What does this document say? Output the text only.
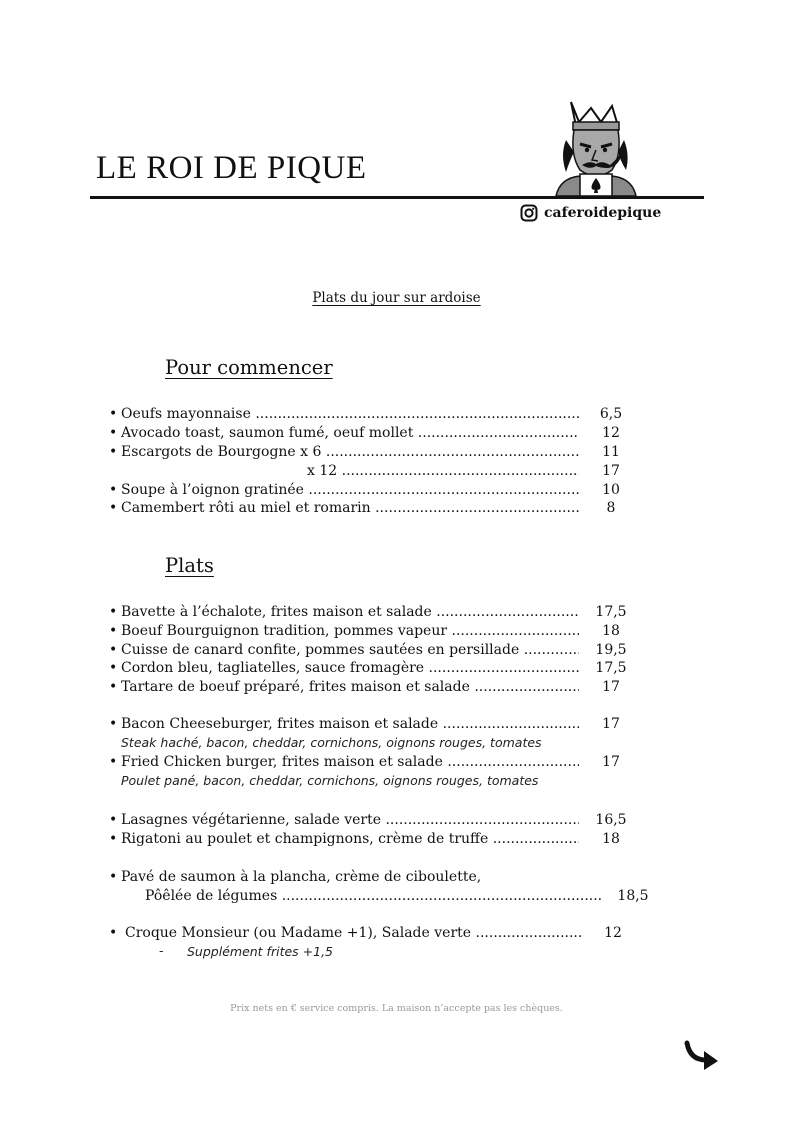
LE ROI DE PIQUE
caferoidepique
Plats du jour sur ardoise
Pour commencer
• Oeufs mayonnaise .....	6,5
• Avocado toast, saumon fumé, oeuf mollet .....	12
• Escargots de Bourgogne x 6 .....	11
x 12 .....	17
• Soupe à l’oignon gratinée .....	10
• Camembert rôti au miel et romarin .....	8
Plats
• Bavette à l’échalote, frites maison et salade .....	17,5
• Boeuf Bourguignon tradition, pommes vapeur .....	18
• Cuisse de canard confite, pommes sautées en persillade .....	19,5
• Cordon bleu, tagliatelles, sauce fromagère .....	17,5
• Tartare de boeuf préparé, frites maison et salade .....	17
• Bacon Cheeseburger, frites maison et salade .....	17
Steak haché, bacon, cheddar, cornichons, oignons rouges, tomates
• Fried Chicken burger, frites maison et salade .....	17
Poulet pané, bacon, cheddar, cornichons, oignons rouges, tomates
• Lasagnes végétarienne, salade verte .....	16,5
• Rigatoni au poulet et champignons, crème de truffe .....	18
• Pavé de saumon à la plancha, crème de ciboulette,
Pôêlée de légumes .....	18,5
• Croque Monsieur (ou Madame +1), Salade verte .....	12
- Supplément frites +1,5
Prix nets en € service compris. La maison n’accepte pas les chèques.
